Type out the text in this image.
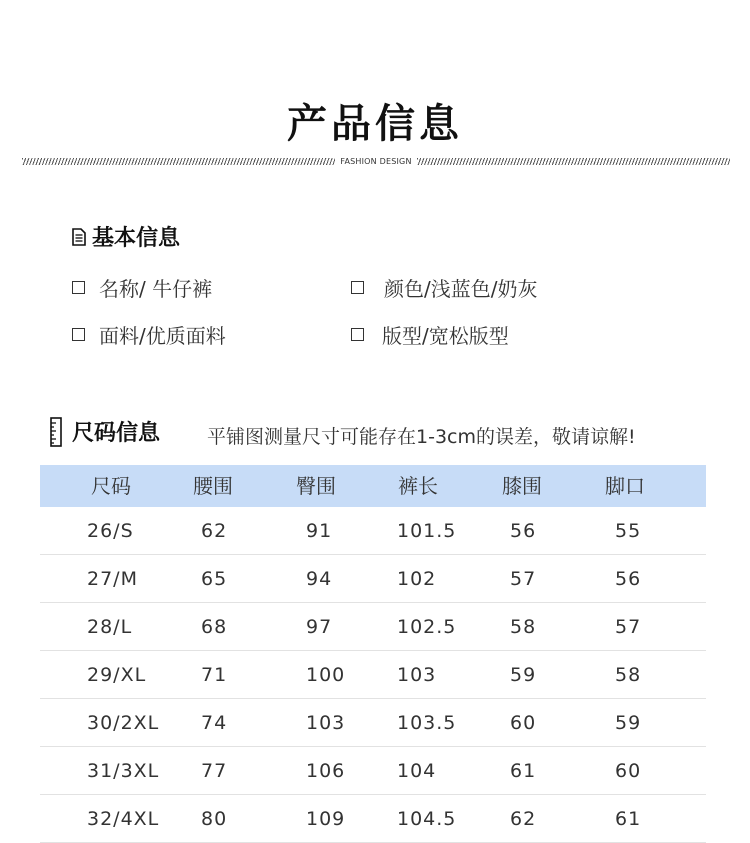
产品信息
FASHION DESIGN
基本信息
名称/ 牛仔裤	颜色/浅蓝色/奶灰
面料/优质面料	版型/宽松版型
尺码信息 平铺图测量尺寸可能存在1-3cm的误差，敬请谅解!
尺码	腰围	臀围	裤长	膝围	脚口
26/S	62	91	101.5	56	55
27/M	65	94	102	57	56
28/L	68	97	102.5	58	57
29/XL	71	100	103	59	58
30/2XL 74	103	103.5	60	59
31/3XL 77	106	104	61	60
32/4XL 80	109	104.5	62	61
